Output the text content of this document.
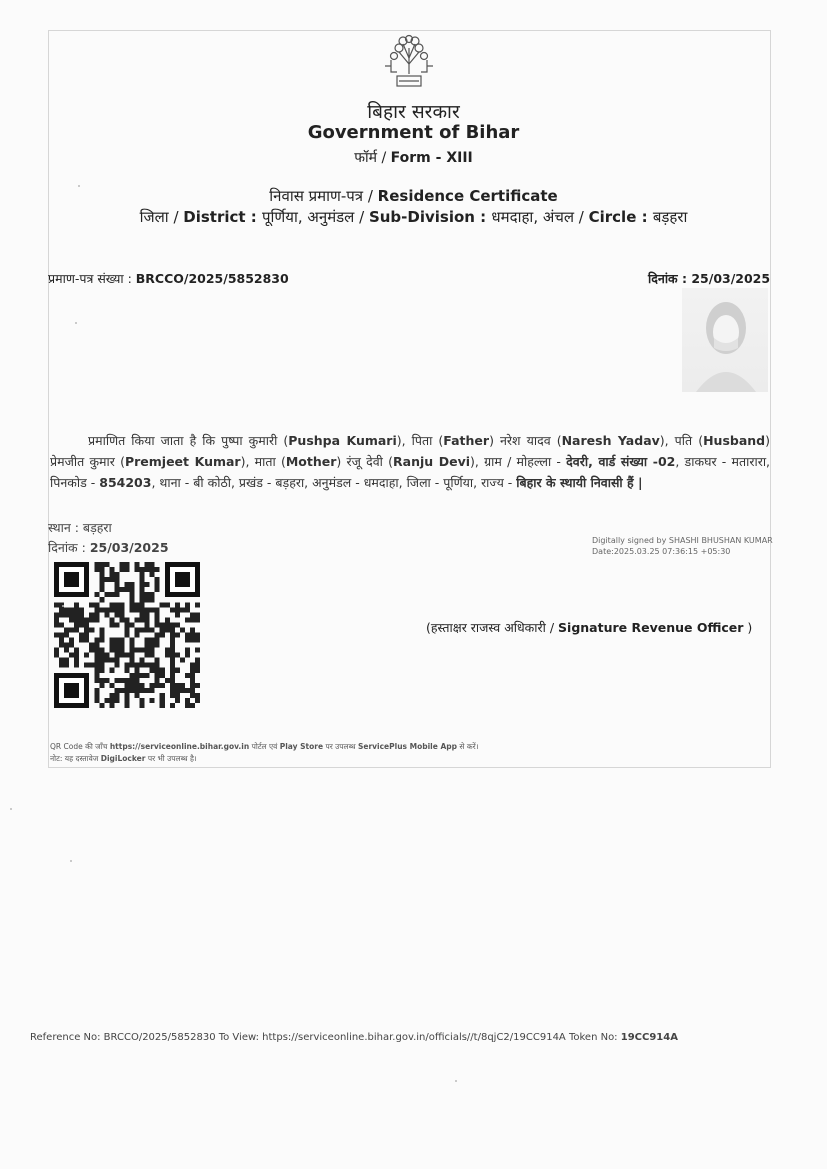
बिहार सरकार
Government of Bihar
फॉर्म / Form - XIII
निवास प्रमाण-पत्र / Residence Certificate
जिला / District : पूर्णिया, अनुमंडल / Sub-Division : धमदाहा, अंचल / Circle : बड़हरा
प्रमाण-पत्र संख्या : BRCCO/2025/5852830	दिनांक : 25/03/2025
प्रमाणित किया जाता है कि पुष्पा कुमारी (Pushpa Kumari), पिता (Father) नरेश यादव (Naresh Yadav), पति (Husband) प्रेमजीत कुमार (Premjeet Kumar), माता (Mother) रंजू देवी (Ranju Devi), ग्राम / मोहल्ला - देवरी, वार्ड संख्या -02, डाकघर - मतारारा, पिनकोड - 854203, थाना - बी कोठी, प्रखंड - बड़हरा, अनुमंडल - धमदाहा, जिला - पूर्णिया, राज्य - बिहार के स्थायी निवासी हैं |
स्थान : बड़हरा
दिनांक : 25/03/2025	Digitally signed by SHASHI BHUSHAN KUMAR
Date:2025.03.25 07:36:15 +05:30
(हस्ताक्षर राजस्व अधिकारी / Signature Revenue Officer )
QR Code की जाँच https://serviceonline.bihar.gov.in पोर्टल एवं Play Store पर उपलब्ध ServicePlus Mobile App से करें।
नोट: यह दस्तावेज DigiLocker पर भी उपलब्ध है।
Reference No: BRCCO/2025/5852830 To View: https://serviceonline.bihar.gov.in/officials//t/8qjC2/19CC914A Token No: 19CC914A
